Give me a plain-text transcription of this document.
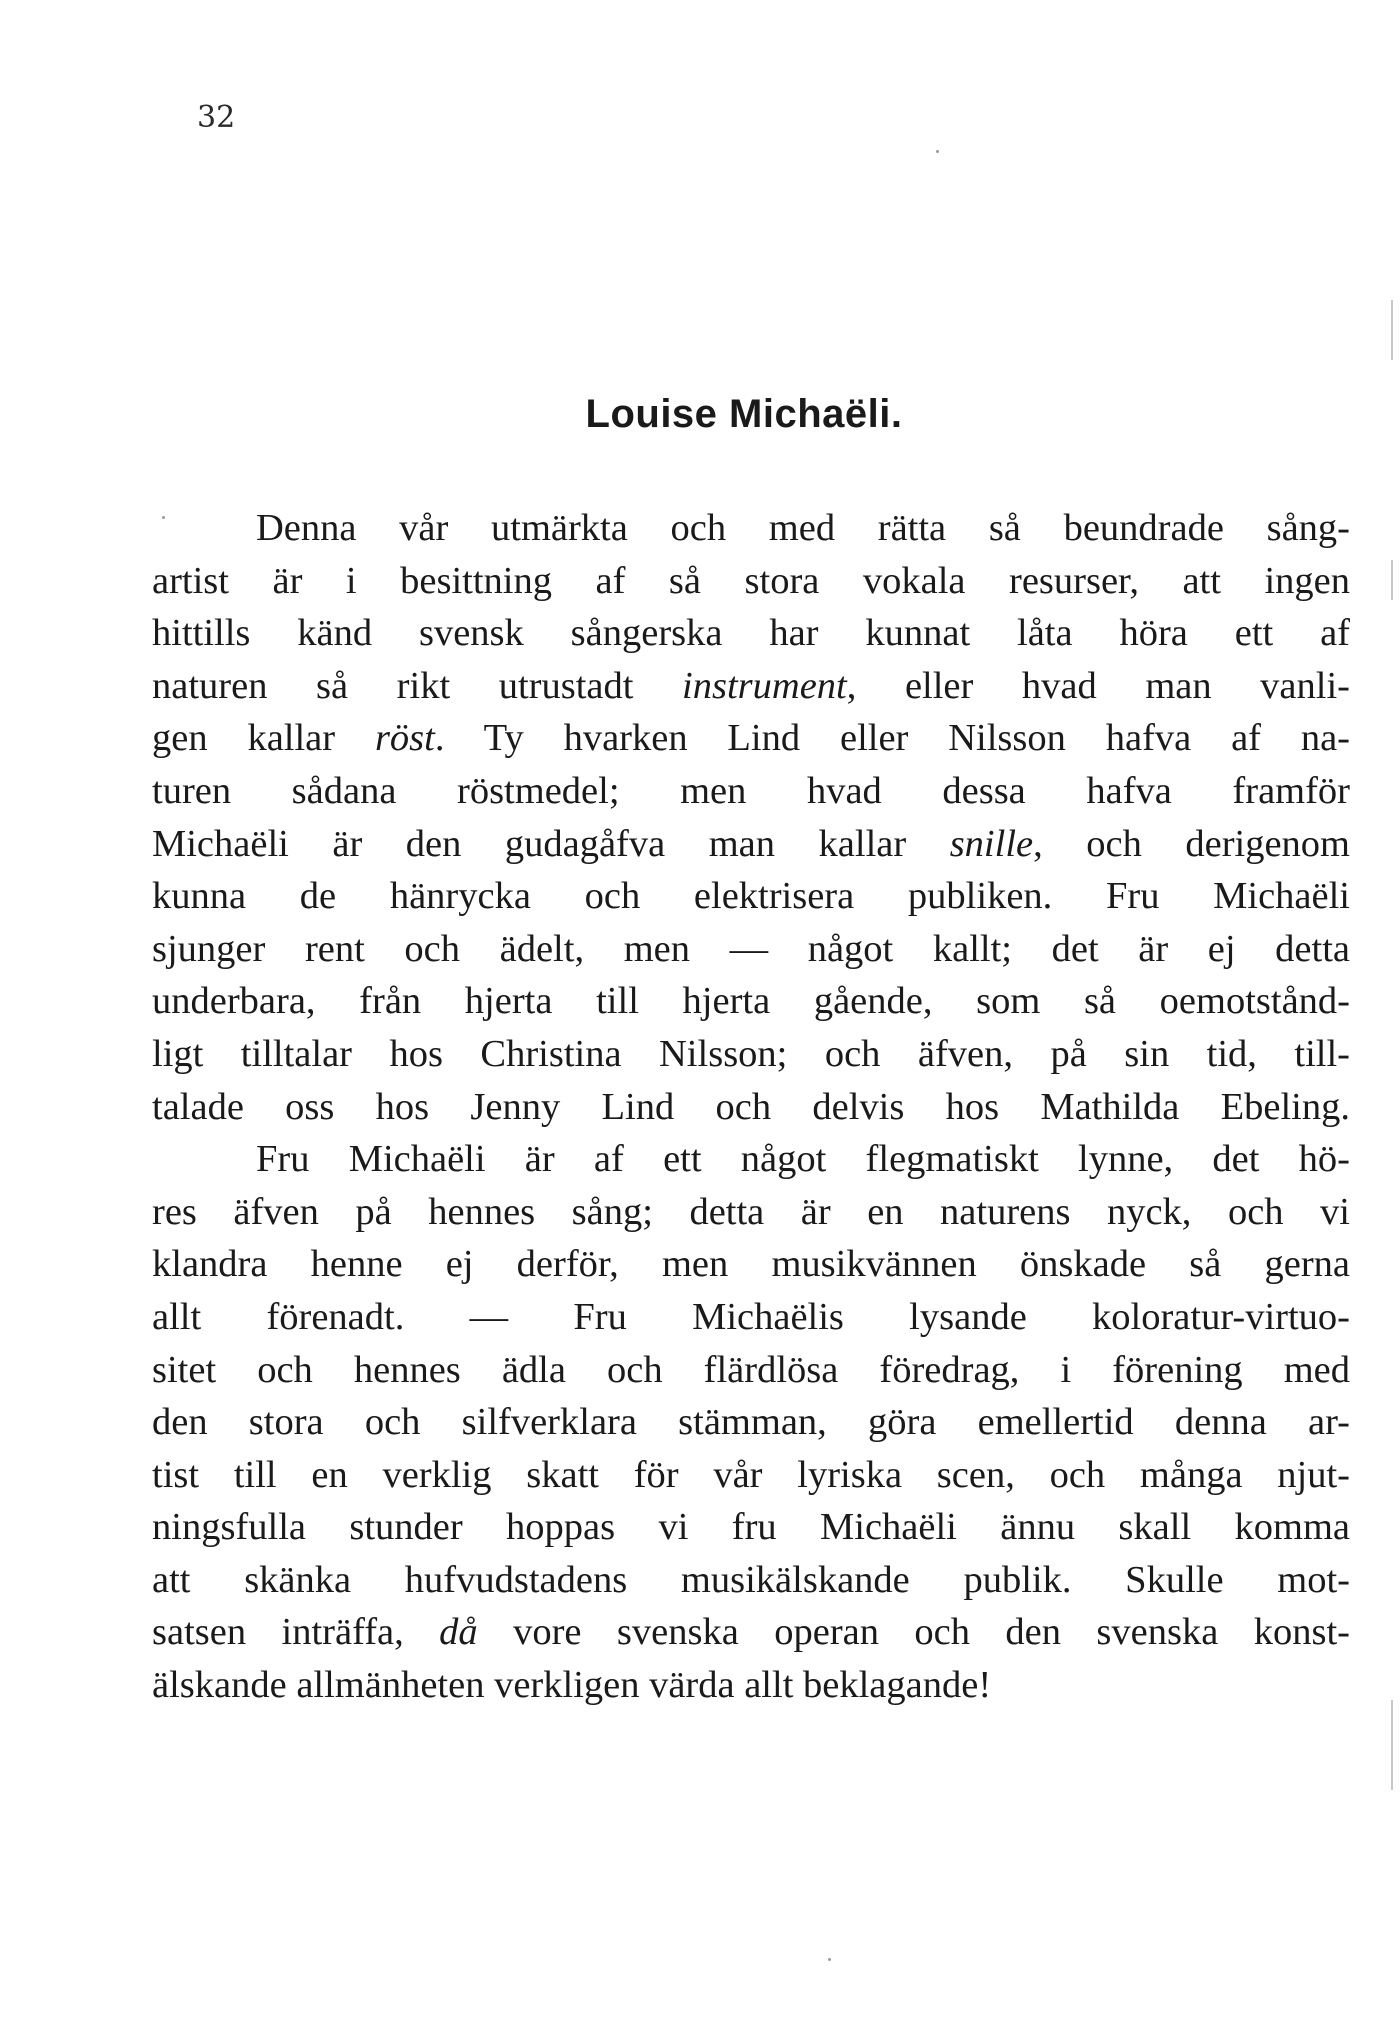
32
Louise Michaëli.
Denna vår utmärkta och med rätta så beundrade sång-
artist är i besittning af så stora vokala resurser, att ingen
hittills känd svensk sångerska har kunnat låta höra ett af
naturen så rikt utrustadt instrument, eller hvad man vanli-
gen kallar röst. Ty hvarken Lind eller Nilsson hafva af na-
turen sådana röstmedel; men hvad dessa hafva framför
Michaëli är den gudagåfva man kallar snille, och derigenom
kunna de hänrycka och elektrisera publiken. Fru Michaëli
sjunger rent och ädelt, men — något kallt; det är ej detta
underbara, från hjerta till hjerta gående, som så oemotstånd-
ligt tilltalar hos Christina Nilsson; och äfven, på sin tid, till-
talade oss hos Jenny Lind och delvis hos Mathilda Ebeling.
Fru Michaëli är af ett något flegmatiskt lynne, det hö-
res äfven på hennes sång; detta är en naturens nyck, och vi
klandra henne ej derför, men musikvännen önskade så gerna
allt förenadt. — Fru Michaëlis lysande koloratur-virtuo-
sitet och hennes ädla och flärdlösa föredrag, i förening med
den stora och silfverklara stämman, göra emellertid denna ar-
tist till en verklig skatt för vår lyriska scen, och många njut-
ningsfulla stunder hoppas vi fru Michaëli ännu skall komma
att skänka hufvudstadens musikälskande publik. Skulle mot-
satsen inträffa, då vore svenska operan och den svenska konst-
älskande allmänheten verkligen värda allt beklagande!
